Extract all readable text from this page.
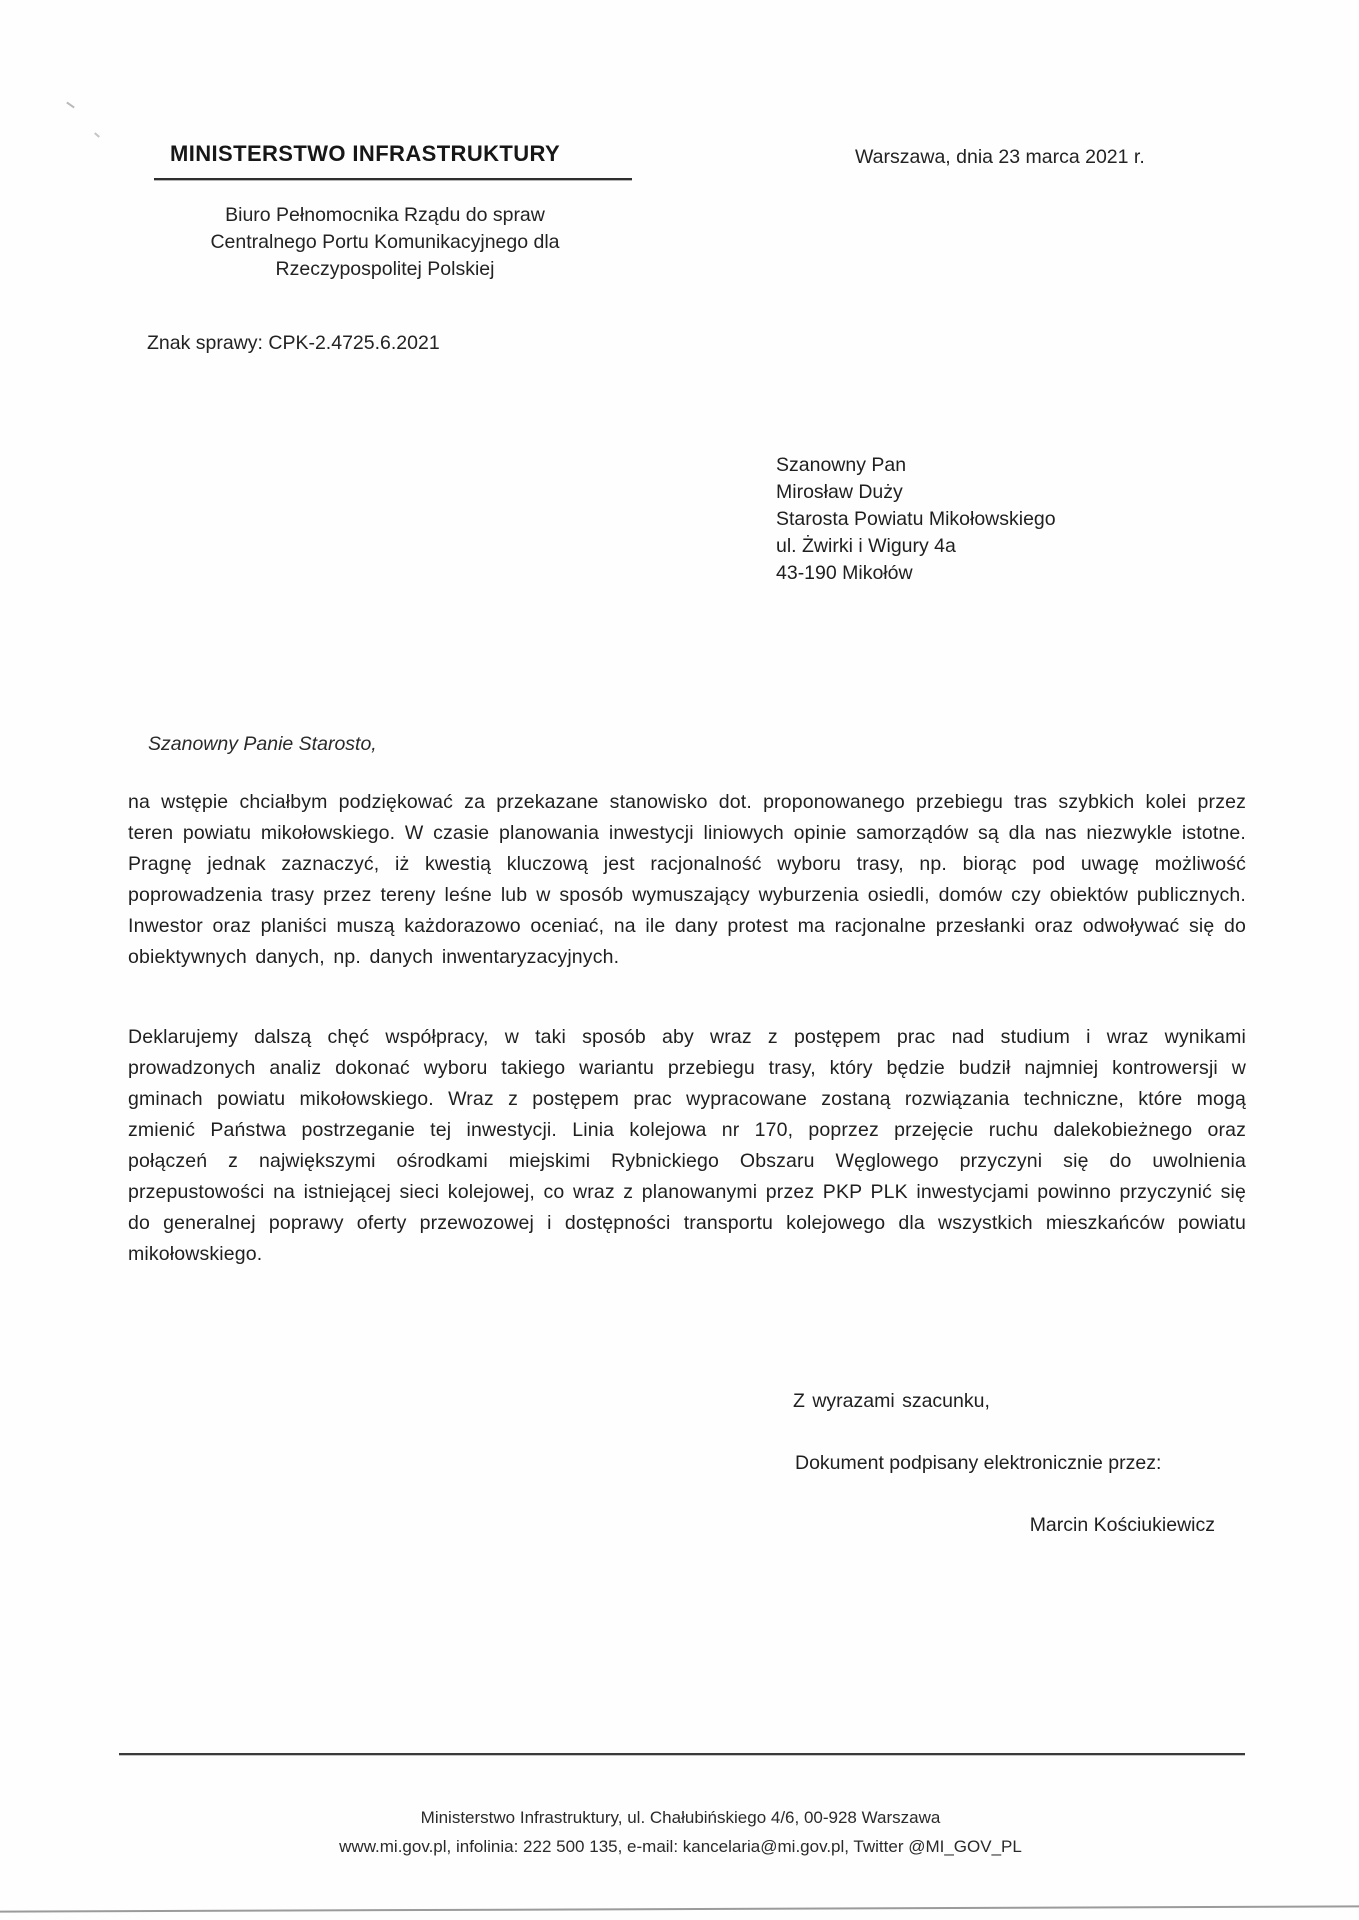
MINISTERSTWO INFRASTRUKTURY	Warszawa, dnia 23 marca 2021 r.
Biuro Pełnomocnika Rządu do spraw
Centralnego Portu Komunikacyjnego dla
Rzeczypospolitej Polskiej
Znak sprawy: CPK-2.4725.6.2021
Szanowny Pan
Mirosław Duży
Starosta Powiatu Mikołowskiego
ul. Żwirki i Wigury 4a
43-190 Mikołów
Szanowny Panie Starosto,
na wstępie chciałbym podziękować za przekazane stanowisko dot. proponowanego przebiegu tras szybkich kolei przez teren powiatu mikołowskiego. W czasie planowania inwestycji liniowych opinie samorządów są dla nas niezwykle istotne. Pragnę jednak zaznaczyć, iż kwestią kluczową jest racjonalność wyboru trasy, np. biorąc pod uwagę możliwość poprowadzenia trasy przez tereny leśne lub w sposób wymuszający wyburzenia osiedli, domów czy obiektów publicznych. Inwestor oraz planiści muszą każdorazowo oceniać, na ile dany protest ma racjonalne przesłanki oraz odwoływać się do obiektywnych danych, np. danych inwentaryzacyjnych.
Deklarujemy dalszą chęć współpracy, w taki sposób aby wraz z postępem prac nad studium i wraz wynikami prowadzonych analiz dokonać wyboru takiego wariantu przebiegu trasy, który będzie budził najmniej kontrowersji w gminach powiatu mikołowskiego. Wraz z postępem prac wypracowane zostaną rozwiązania techniczne, które mogą zmienić Państwa postrzeganie tej inwestycji. Linia kolejowa nr 170, poprzez przejęcie ruchu dalekobieżnego oraz połączeń z największymi ośrodkami miejskimi Rybnickiego Obszaru Węglowego przyczyni się do uwolnienia przepustowości na istniejącej sieci kolejowej, co wraz z planowanymi przez PKP PLK inwestycjami powinno przyczynić się do generalnej poprawy oferty przewozowej i dostępności transportu kolejowego dla wszystkich mieszkańców powiatu mikołowskiego.
Z wyrazami szacunku,
Dokument podpisany elektronicznie przez:
Marcin Kościukiewicz
Ministerstwo Infrastruktury, ul. Chałubińskiego 4/6, 00-928 Warszawa
www.mi.gov.pl, infolinia: 222 500 135, e-mail: kancelaria@mi.gov.pl, Twitter @MI_GOV_PL
